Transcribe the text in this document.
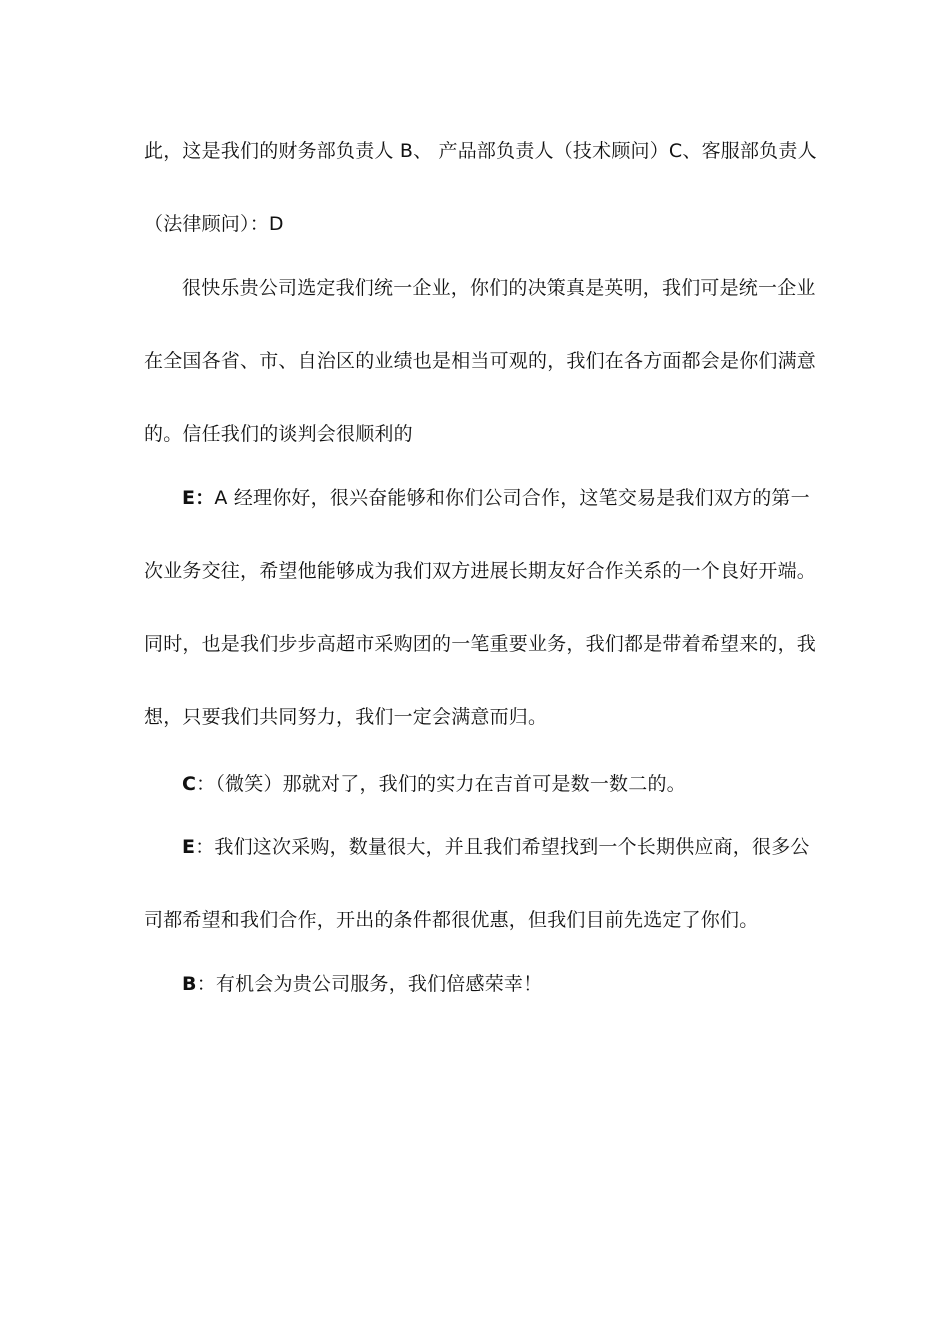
此，这是我们的财务部负责人 B、 产品部负责人（技术顾问）C、客服部负责人（法律顾问）：D

很快乐贵公司选定我们统一企业，你们的决策真是英明，我们可是统一企业在全国各省、市、自治区的业绩也是相当可观的，我们在各方面都会是你们满意的。信任我们的谈判会很顺利的

E：A 经理你好，很兴奋能够和你们公司合作，这笔交易是我们双方的第一次业务交往，希望他能够成为我们双方进展长期友好合作关系的一个良好开端。同时，也是我们步步高超市采购团的一笔重要业务，我们都是带着希望来的，我想，只要我们共同努力，我们一定会满意而归。

C：（微笑）那就对了，我们的实力在吉首可是数一数二的。

E：我们这次采购，数量很大，并且我们希望找到一个长期供应商，很多公司都希望和我们合作，开出的条件都很优惠，但我们目前先选定了你们。

B：有机会为贵公司服务，我们倍感荣幸！
